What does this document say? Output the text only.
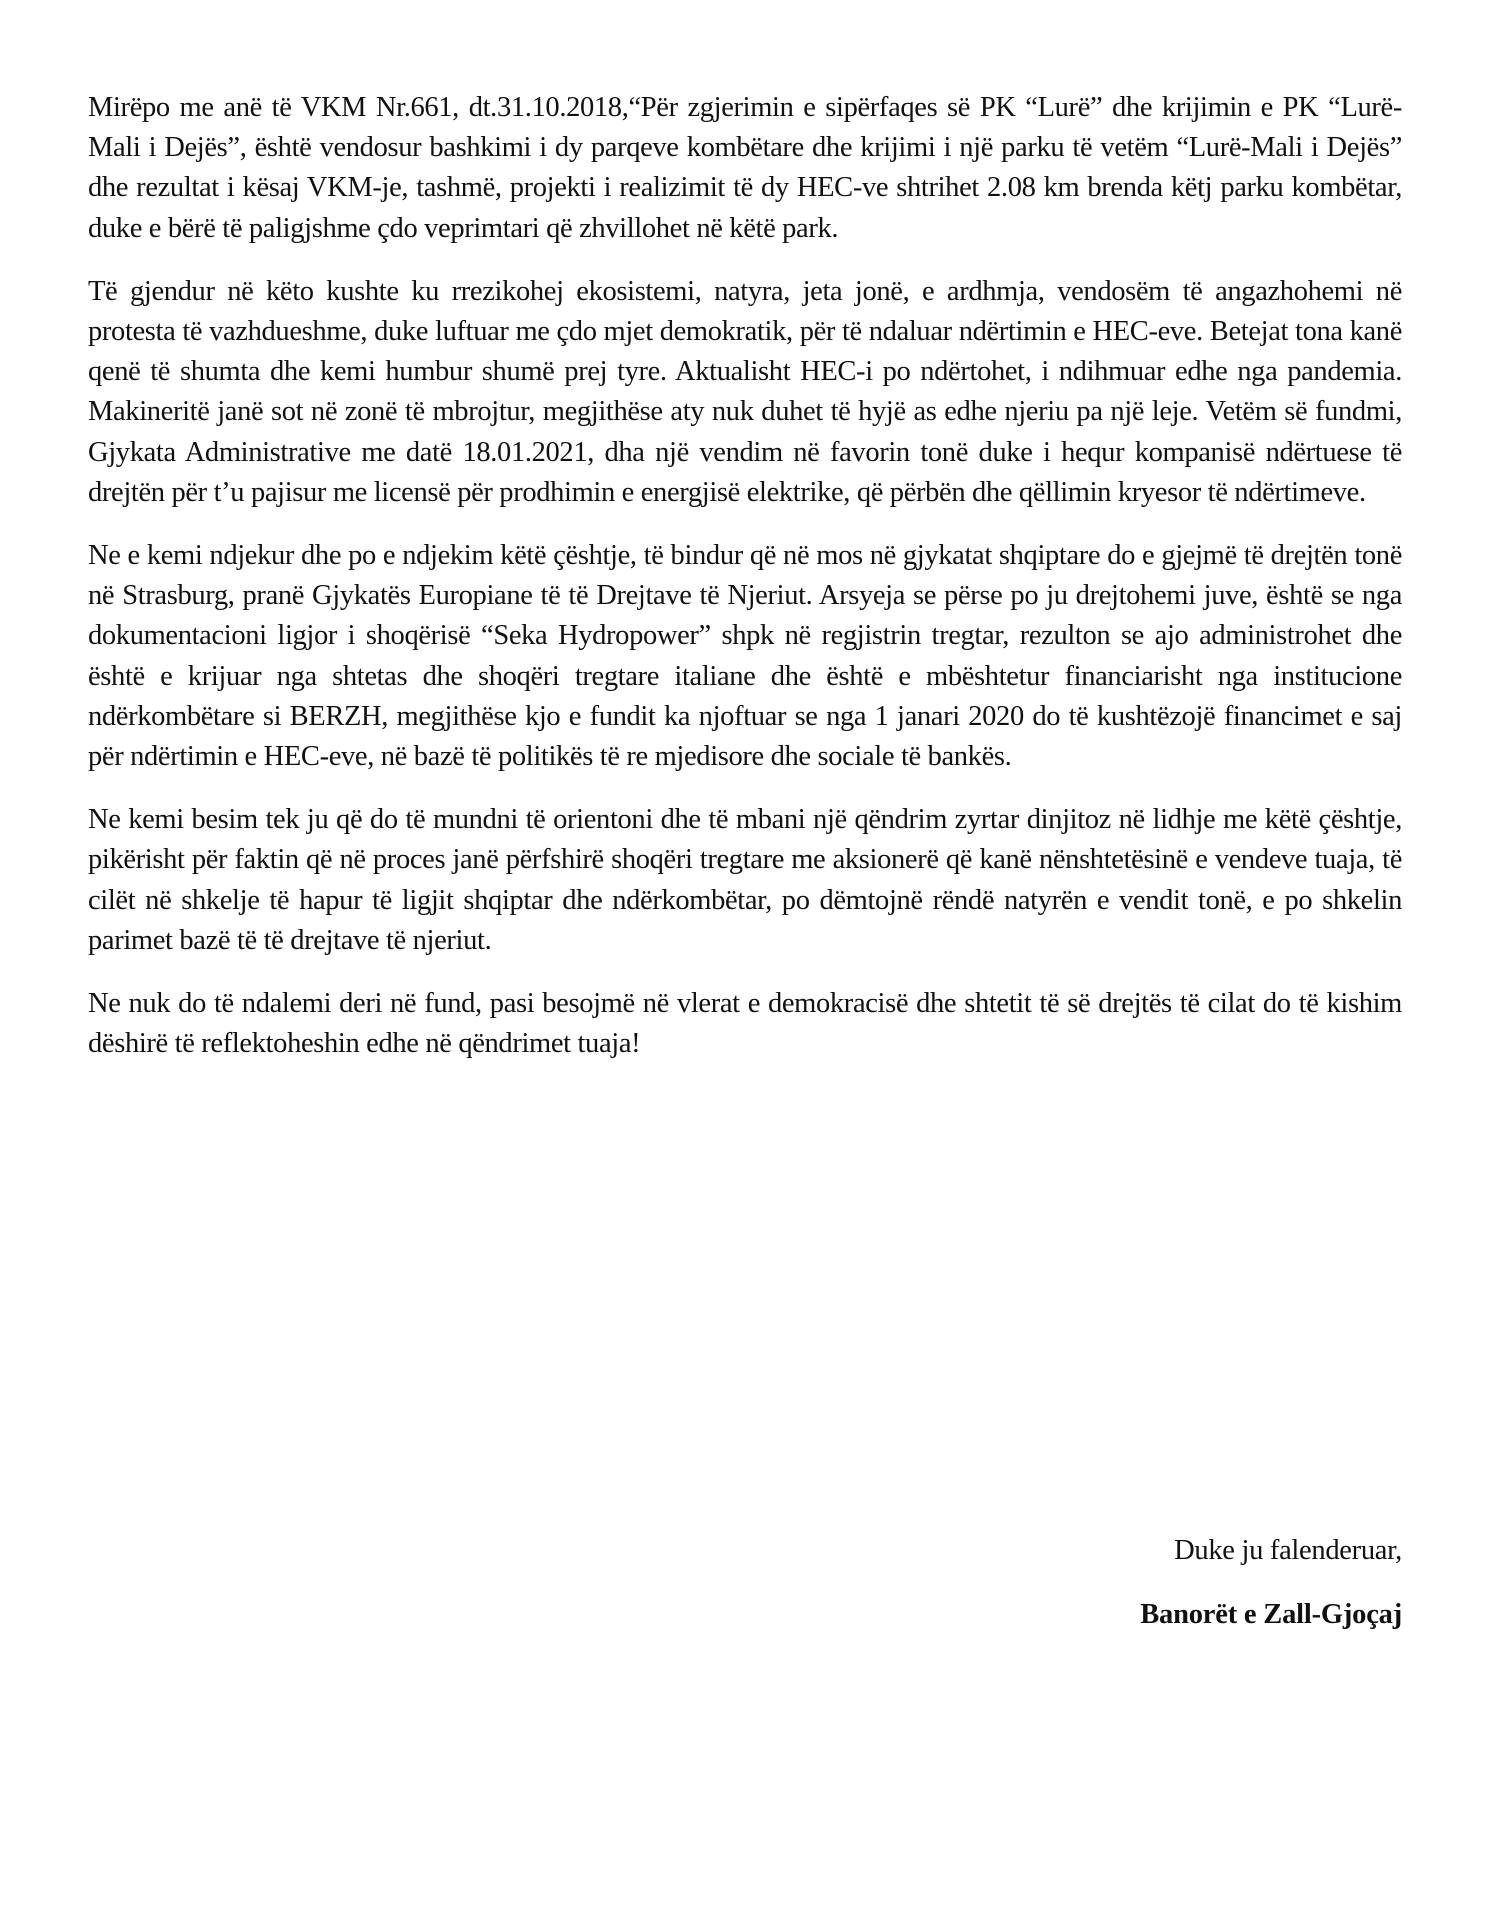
Mirëpo me anë të VKM Nr.661, dt.31.10.2018,“Për zgjerimin e sipërfaqes së PK “Lurë” dhe krijimin e PK “Lurë-Mali i Dejës”, është vendosur bashkimi i dy parqeve kombëtare dhe krijimi i një parku të vetëm “Lurë-Mali i Dejës” dhe rezultat i kësaj VKM-je, tashmë, projekti i realizimit të dy HEC-ve shtrihet 2.08 km brenda këtj parku kombëtar, duke e bërë të paligjshme çdo veprimtari që zhvillohet në këtë park.

Të gjendur në këto kushte ku rrezikohej ekosistemi, natyra, jeta jonë, e ardhmja, vendosëm të angazhohemi në protesta të vazhdueshme, duke luftuar me çdo mjet demokratik, për të ndaluar ndërtimin e HEC-eve. Betejat tona kanë qenë të shumta dhe kemi humbur shumë prej tyre. Aktualisht HEC-i po ndërtohet, i ndihmuar edhe nga pandemia. Makineritë janë sot në zonë të mbrojtur, megjithëse aty nuk duhet të hyjë as edhe njeriu pa një leje. Vetëm së fundmi, Gjykata Administrative me datë 18.01.2021, dha një vendim në favorin tonë duke i hequr kompanisë ndërtuese të drejtën për t’u pajisur me licensë për prodhimin e energjisë elektrike, që përbën dhe qëllimin kryesor të ndërtimeve.

Ne e kemi ndjekur dhe po e ndjekim këtë çështje, të bindur që në mos në gjykatat shqiptare do e gjejmë të drejtën tonë në Strasburg, pranë Gjykatës Europiane të të Drejtave të Njeriut. Arsyeja se përse po ju drejtohemi juve, është se nga dokumentacioni ligjor i shoqërisë “Seka Hydropower” shpk në regjistrin tregtar, rezulton se ajo administrohet dhe është e krijuar nga shtetas dhe shoqëri tregtare italiane dhe është e mbështetur financiarisht nga institucione ndërkombëtare si BERZH, megjithëse kjo e fundit ka njoftuar se nga 1 janari 2020 do të kushtëzojë financimet e saj për ndërtimin e HEC-eve, në bazë të politikës të re mjedisore dhe sociale të bankës.

Ne kemi besim tek ju që do të mundni të orientoni dhe të mbani një qëndrim zyrtar dinjitoz në lidhje me këtë çështje, pikërisht për faktin që në proces janë përfshirë shoqëri tregtare me aksionerë që kanë nënshtetësinë e vendeve tuaja, të cilët në shkelje të hapur të ligjit shqiptar dhe ndërkombëtar, po dëmtojnë rëndë natyrën e vendit tonë, e po shkelin parimet bazë të të drejtave të njeriut.

Ne nuk do të ndalemi deri në fund, pasi besojmë në vlerat e demokracisë dhe shtetit të së drejtës të cilat do të kishim dëshirë të reflektoheshin edhe në qëndrimet tuaja!

Duke ju falenderuar,
Banorët e Zall-Gjoçaj
